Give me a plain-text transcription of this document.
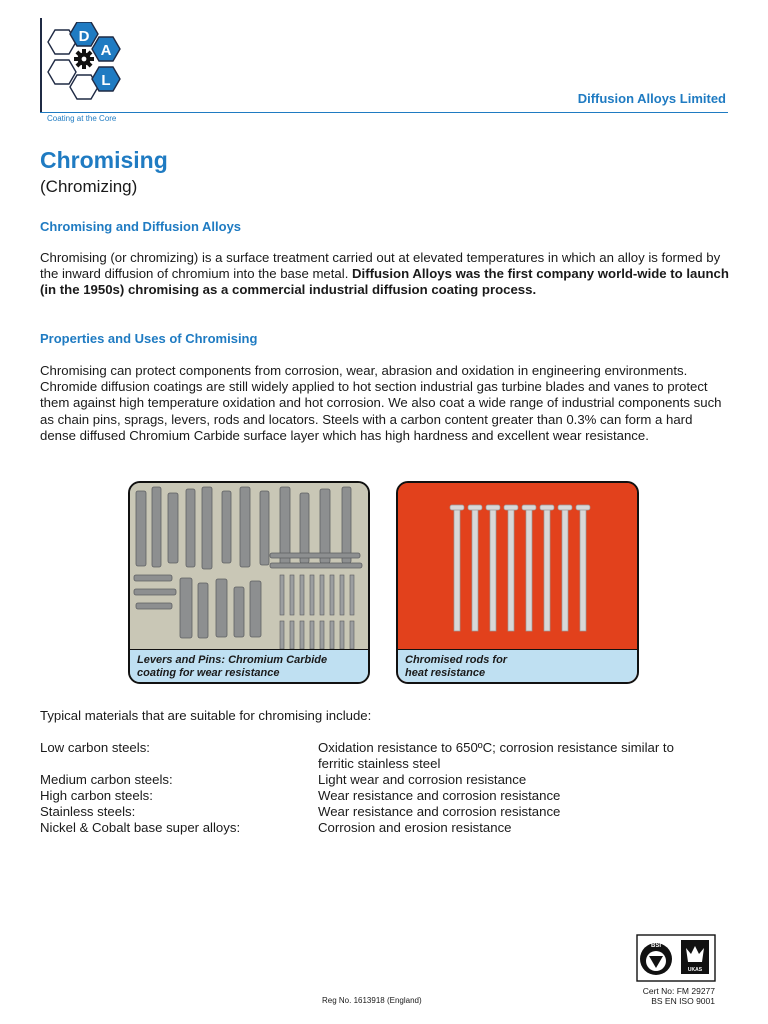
D
A
L
Diffusion Alloys Limited
Coating at the Core
Chromising
(Chromizing)
Chromising and Diffusion Alloys

Chromising (or chromizing) is a surface treatment carried out at elevated temperatures in which an alloy is formed by the inward diffusion of chromium into the base metal. Diffusion Alloys was the first company world-wide to launch (in the 1950s) chromising as a commercial industrial diffusion coating process.

Properties and Uses of Chromising

Chromising can protect components from corrosion, wear, abrasion and oxidation in engineering environments. Chromide diffusion coatings are still widely applied to hot section industrial gas turbine blades and vanes to protect them against high temperature oxidation and hot corrosion. We also coat a wide range of industrial components such as chain pins, sprags, levers, rods and locators. Steels with a carbon content greater than 0.3% can form a hard dense diffused Chromium Carbide surface layer which has high hardness and excellent wear resistance.

Levers and Pins: Chromium Carbide
coating for wear resistance
Chromised rods for
heat resistance
Typical materials that are suitable for chromising include:
Low carbon steels:	Oxidation resistance to 650ºC; corrosion resistance similar to ferritic stainless steel
Medium carbon steels:	Light wear and corrosion resistance
High carbon steels:	Wear resistance and corrosion resistance
Stainless steels:	Wear resistance and corrosion resistance
Nickel & Cobalt base super alloys:	Corrosion and erosion resistance
BSI
UKAS
Cert No: FM 29277
BS EN ISO 9001
Reg No. 1613918 (England)
